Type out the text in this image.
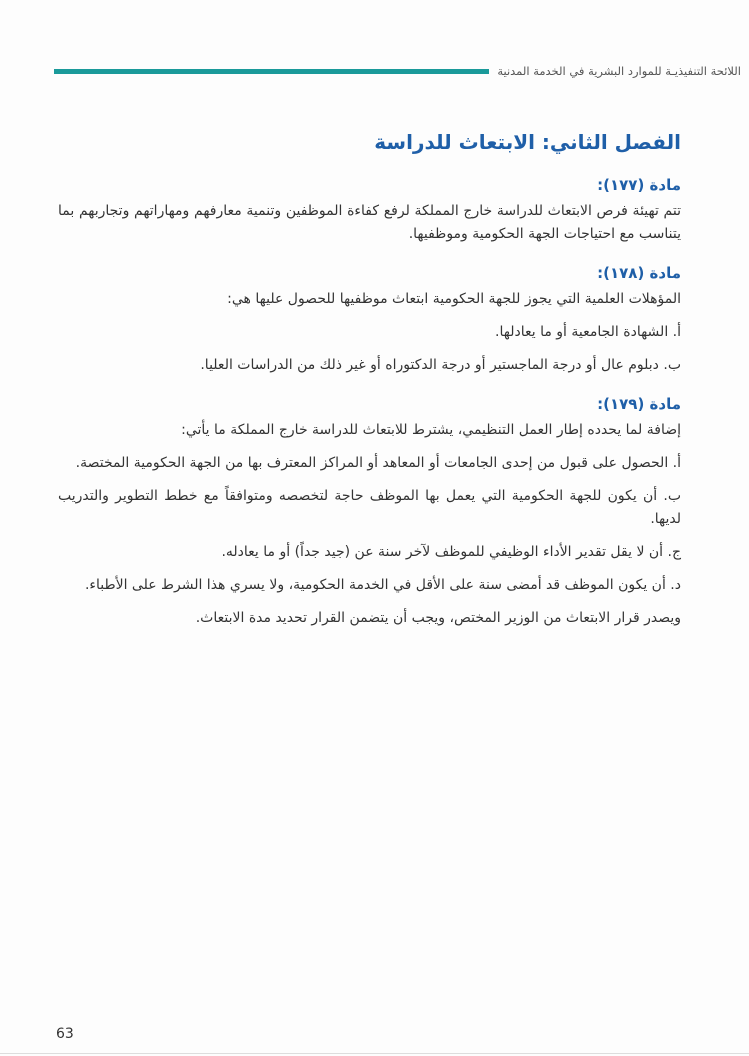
اللائحة التنفيذيـة للموارد البشرية في الخدمة المدنية
الفصل الثاني: الابتعاث للدراسة
مادة (١٧٧):

تتم تهيئة فرص الابتعاث للدراسة خارج المملكة لرفع كفاءة الموظفين وتنمية معارفهم ومهاراتهم وتجاربهم بما يتناسب مع احتياجات الجهة الحكومية وموظفيها.

مادة (١٧٨):

المؤهلات العلمية التي يجوز للجهة الحكومية ابتعاث موظفيها للحصول عليها هي:

أ. الشهادة الجامعية أو ما يعادلها.

ب. دبلوم عال أو درجة الماجستير أو درجة الدكتوراه أو غير ذلك من الدراسات العليا.

مادة (١٧٩):

إضافة لما يحدده إطار العمل التنظيمي، يشترط للابتعاث للدراسة خارج المملكة ما يأتي:

أ. الحصول على قبول من إحدى الجامعات أو المعاهد أو المراكز المعترف بها من الجهة الحكومية المختصة.

ب. أن يكون للجهة الحكومية التي يعمل بها الموظف حاجة لتخصصه ومتوافقاً مع خطط التطوير والتدريب لديها.

ج. أن لا يقل تقدير الأداء الوظيفي للموظف لآخر سنة عن (جيد جداً) أو ما يعادله.

د. أن يكون الموظف قد أمضى سنة على الأقل في الخدمة الحكومية، ولا يسري هذا الشرط على الأطباء.

ويصدر قرار الابتعاث من الوزير المختص، ويجب أن يتضمن القرار تحديد مدة الابتعاث.

63
